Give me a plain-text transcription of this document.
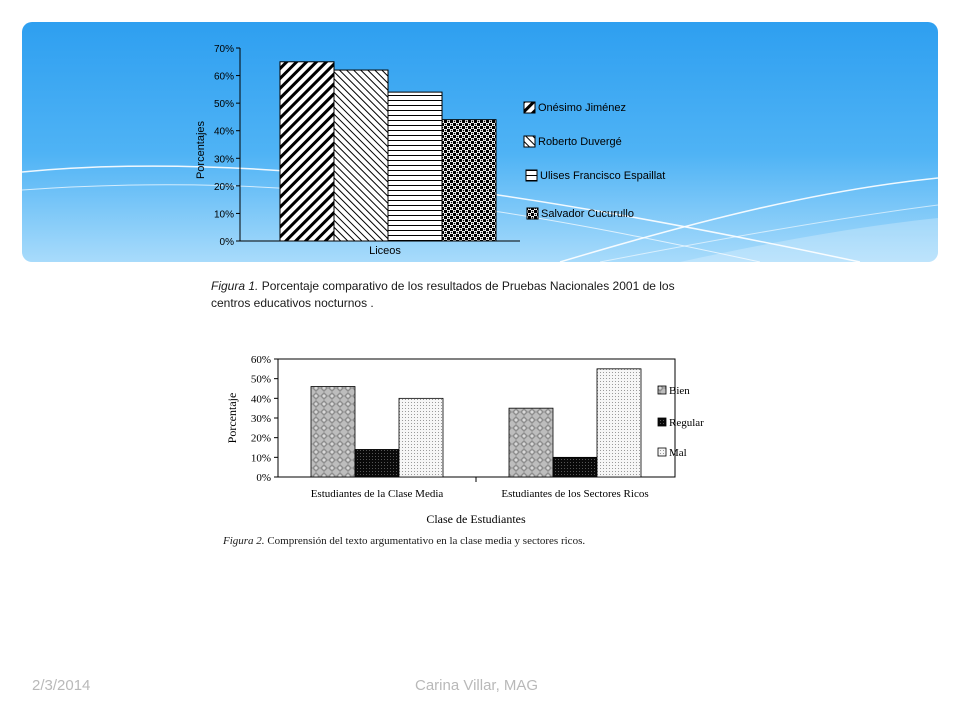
0%
10%
20%
30%
40%
50%
60%
70%
Liceos
Porcentajes
Onésimo Jiménez
Roberto Duvergé
Ulises Francisco Espaillat
Salvador Cucurullo
0%
10%
20%
30%
40%
50%
60%
Estudiantes de la Clase Media	Estudiantes de los Sectores Ricos
Clase de Estudiantes
Porcentaje
Bien
Regular
Mal
Figura 1. Porcentaje comparativo de los resultados de Pruebas Nacionales 2001 de los centros educativos nocturnos .
Figura 2. Comprensión del texto argumentativo en la clase media y sectores ricos.
2/3/2014	Carina Villar, MAG
